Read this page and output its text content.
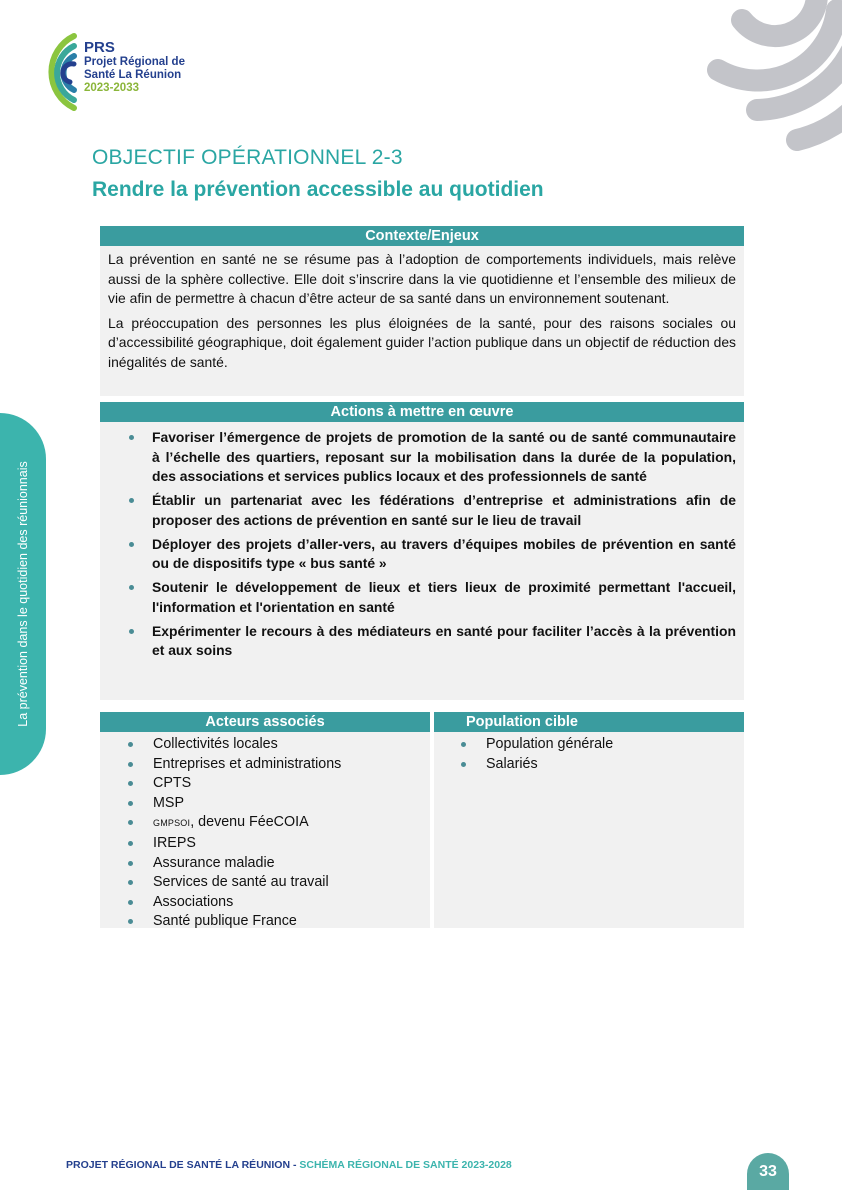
PRS
Projet Régional de
Santé La Réunion
2023-2033
La prévention dans le quotidien des réunionnais
OBJECTIF OPÉRATIONNEL 2-3
Rendre la prévention accessible au quotidien
Contexte/Enjeux

La prévention en santé ne se résume pas à l’adoption de comportements individuels, mais relève aussi de la sphère collective. Elle doit s’inscrire dans la vie quotidienne et l’ensemble des milieux de vie afin de permettre à chacun d’être acteur de sa santé dans un environnement soutenant.

La préoccupation des personnes les plus éloignées de la santé, pour des raisons sociales ou d’accessibilité géographique, doit également guider l’action publique dans un objectif de réduction des inégalités de santé.

Actions à mettre en œuvre
Favoriser l’émergence de projets de promotion de la santé ou de santé communautaire à l’échelle des quartiers, reposant sur la mobilisation dans la durée de la population, des associations et services publics locaux et des professionnels de santé
Établir un partenariat avec les fédérations d’entreprise et administrations afin de proposer des actions de prévention en santé sur le lieu de travail
Déployer des projets d’aller-vers, au travers d’équipes mobiles de prévention en santé ou de dispositifs type « bus santé »
Soutenir le développement de lieux et tiers lieux de proximité permettant l'accueil, l'information et l'orientation en santé
Expérimenter le recours à des médiateurs en santé pour faciliter l’accès à la prévention et aux soins
Acteurs associés
Collectivités locales
Entreprises et administrations
CPTS
MSP
GMPSOI, devenu FéeCOIA
IREPS
Assurance maladie
Services de santé au travail
Associations
Santé publique France
Population cible
Population générale
Salariés
PROJET RÉGIONAL DE SANTÉ LA RÉUNION - SCHÉMA RÉGIONAL DE SANTÉ 2023-2028	33
